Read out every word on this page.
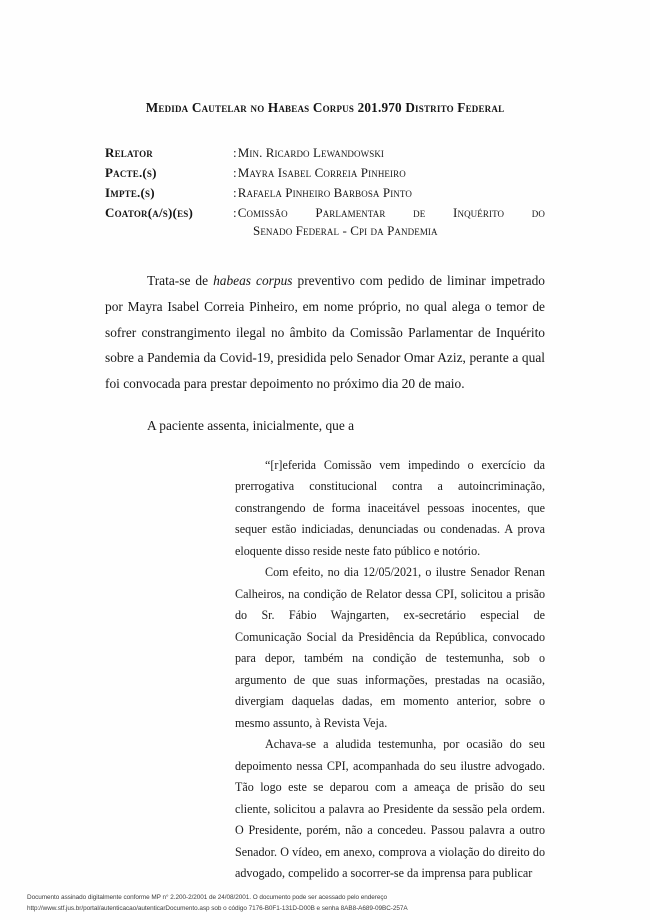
Medida Cautelar no Habeas Corpus 201.970 Distrito Federal
Relator	:Min. Ricardo Lewandowski
Pacte.(s)	:Mayra Isabel Correia Pinheiro
Impte.(s)	:Rafaela Pinheiro Barbosa Pinto
Coator(a/s)(es)	:Comissão Parlamentar de Inquérito do
Senado Federal - Cpi da Pandemia

Trata-se de habeas corpus preventivo com pedido de liminar impetrado por Mayra Isabel Correia Pinheiro, em nome próprio, no qual alega o temor de sofrer constrangimento ilegal no âmbito da Comissão Parlamentar de Inquérito sobre a Pandemia da Covid-19, presidida pelo Senador Omar Aziz, perante a qual foi convocada para prestar depoimento no próximo dia 20 de maio.

A paciente assenta, inicialmente, que a

“[r]eferida Comissão vem impedindo o exercício da prerrogativa constitucional contra a autoincriminação, constrangendo de forma inaceitável pessoas inocentes, que sequer estão indiciadas, denunciadas ou condenadas. A prova eloquente disso reside neste fato público e notório.

Com efeito, no dia 12/05/2021, o ilustre Senador Renan Calheiros, na condição de Relator dessa CPI, solicitou a prisão do Sr. Fábio Wajngarten, ex-secretário especial de Comunicação Social da Presidência da República, convocado para depor, também na condição de testemunha, sob o argumento de que suas informações, prestadas na ocasião, divergiam daquelas dadas, em momento anterior, sobre o mesmo assunto, à Revista Veja.

Achava-se a aludida testemunha, por ocasião do seu depoimento nessa CPI, acompanhada do seu ilustre advogado. Tão logo este se deparou com a ameaça de prisão do seu cliente, solicitou a palavra ao Presidente da sessão pela ordem. O Presidente, porém, não a concedeu. Passou palavra a outro Senador. O vídeo, em anexo, comprova a violação do direito do advogado, compelido a socorrer-se da imprensa para publicar

Documento assinado digitalmente conforme MP n° 2.200-2/2001 de 24/08/2001. O documento pode ser acessado pelo endereço
http://www.stf.jus.br/portal/autenticacao/autenticarDocumento.asp sob o código 7176-B0F1-131D-D00B e senha 8AB8-A689-09BC-257A
